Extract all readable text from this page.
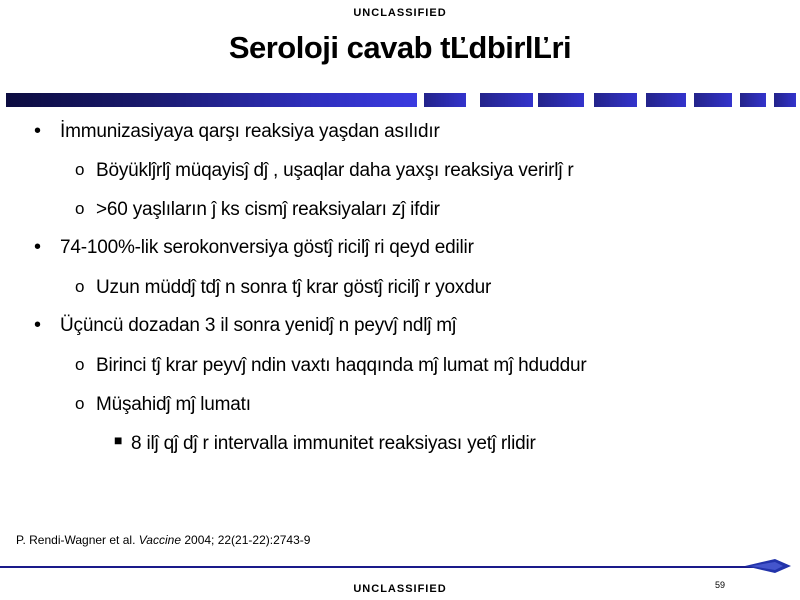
UNCLASSIFIED
Seroloji cavab tĽdbirlĽri
• İmmunizasiyaya qarşı reaksiya yaşdan asılıdır
o Böyüklĵrlĵ müqayisĵ dĵ , uşaqlar daha yaxşı reaksiya verirlĵ r
o >60 yaşlıların ĵ ks cismĵ reaksiyaları zĵ ifdir
• 74-100%-lik serokonversiya göstĵ ricilĵ ri qeyd edilir
o Uzun müddĵ tdĵ n sonra tĵ krar göstĵ ricilĵ r yoxdur
• Üçüncü dozadan 3 il sonra yenidĵ n peyvĵ ndlĵ mĵ
o Birinci tĵ krar peyvĵ ndin vaxtı haqqında mĵ lumat mĵ hduddur
o Müşahidĵ mĵ lumatı
■ 8 ilĵ qĵ dĵ r intervalla immunitet reaksiyası yetĵ rlidir
P. Rendi-Wagner et al. Vaccine 2004; 22(21-22):2743-9
59
UNCLASSIFIED
